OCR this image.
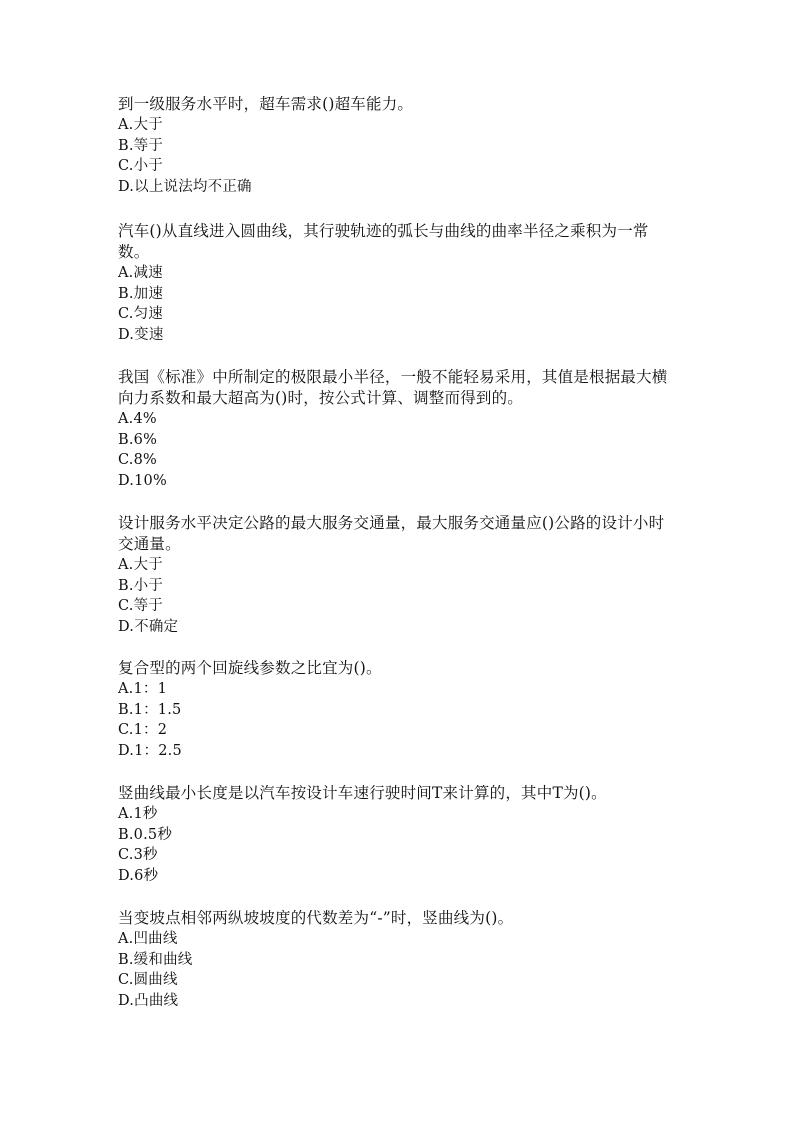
到一级服务水平时，超车需求()超车能力。

A.大于

B.等于

C.小于

D.以上说法均不正确

汽车()从直线进入圆曲线，其行驶轨迹的弧长与曲线的曲率半径之乘积为一常数。

A.减速

B.加速

C.匀速

D.变速

我国《标准》中所制定的极限最小半径，一般不能轻易采用，其值是根据最大横向力系数和最大超高为()时，按公式计算、调整而得到的。

A.4%

B.6%

C.8%

D.10%

设计服务水平决定公路的最大服务交通量，最大服务交通量应()公路的设计小时交通量。

A.大于

B.小于

C.等于

D.不确定

复合型的两个回旋线参数之比宜为()。

A.1：1

B.1：1.5

C.1：2

D.1：2.5

竖曲线最小长度是以汽车按设计车速行驶时间T来计算的，其中T为()。

A.1秒

B.0.5秒

C.3秒

D.6秒

当变坡点相邻两纵坡坡度的代数差为“-”时，竖曲线为()。

A.凹曲线

B.缓和曲线

C.圆曲线

D.凸曲线
